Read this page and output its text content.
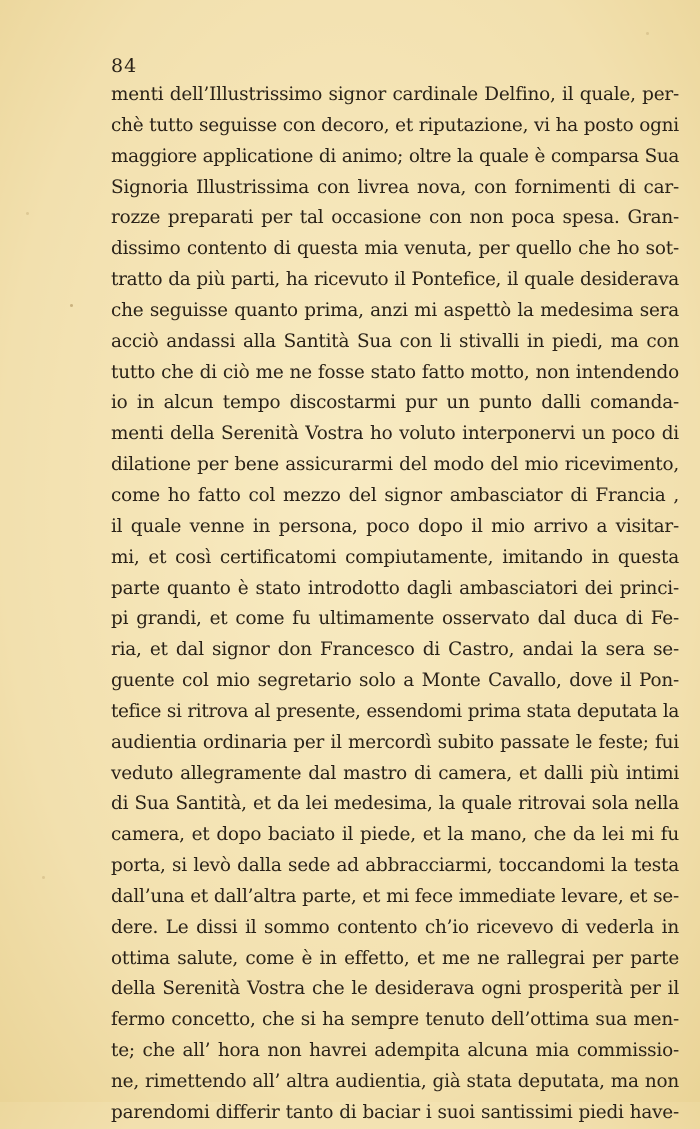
84
menti dell’Illustrissimo signor cardinale Delfino, il quale, per-
chè tutto seguisse con decoro, et riputazione, vi ha posto ogni
maggiore applicatione di animo; oltre la quale è comparsa Sua
Signoria Illustrissima con livrea nova, con fornimenti di car-
rozze preparati per tal occasione con non poca spesa. Gran-
dissimo contento di questa mia venuta, per quello che ho sot-
tratto da più parti, ha ricevuto il Pontefice, il quale desiderava
che seguisse quanto prima, anzi mi aspettò la medesima sera
acciò andassi alla Santità Sua con li stivalli in piedi, ma con
tutto che di ciò me ne fosse stato fatto motto, non intendendo
io in alcun tempo discostarmi pur un punto dalli comanda-
menti della Serenità Vostra ho voluto interponervi un poco di
dilatione per bene assicurarmi del modo del mio ricevimento,
come ho fatto col mezzo del signor ambasciator di Francia ,
il quale venne in persona, poco dopo il mio arrivo a visitar-
mi, et così certificatomi compiutamente, imitando in questa
parte quanto è stato introdotto dagli ambasciatori dei princi-
pi grandi, et come fu ultimamente osservato dal duca di Fe-
ria, et dal signor don Francesco di Castro, andai la sera se-
guente col mio segretario solo a Monte Cavallo, dove il Pon-
tefice si ritrova al presente, essendomi prima stata deputata la
audientia ordinaria per il mercordì subito passate le feste; fui
veduto allegramente dal mastro di camera, et dalli più intimi
di Sua Santità, et da lei medesima, la quale ritrovai sola nella
camera, et dopo baciato il piede, et la mano, che da lei mi fu
porta, si levò dalla sede ad abbracciarmi, toccandomi la testa
dall’una et dall’altra parte, et mi fece immediate levare, et se-
dere. Le dissi il sommo contento ch’io ricevevo di vederla in
ottima salute, come è in effetto, et me ne rallegrai per parte
della Serenità Vostra che le desiderava ogni prosperità per il
fermo concetto, che si ha sempre tenuto dell’ottima sua men-
te; che all’ hora non havrei adempita alcuna mia commissio-
ne, rimettendo all’ altra audientia, già stata deputata, ma non
parendomi differir tanto di baciar i suoi santissimi piedi have-
